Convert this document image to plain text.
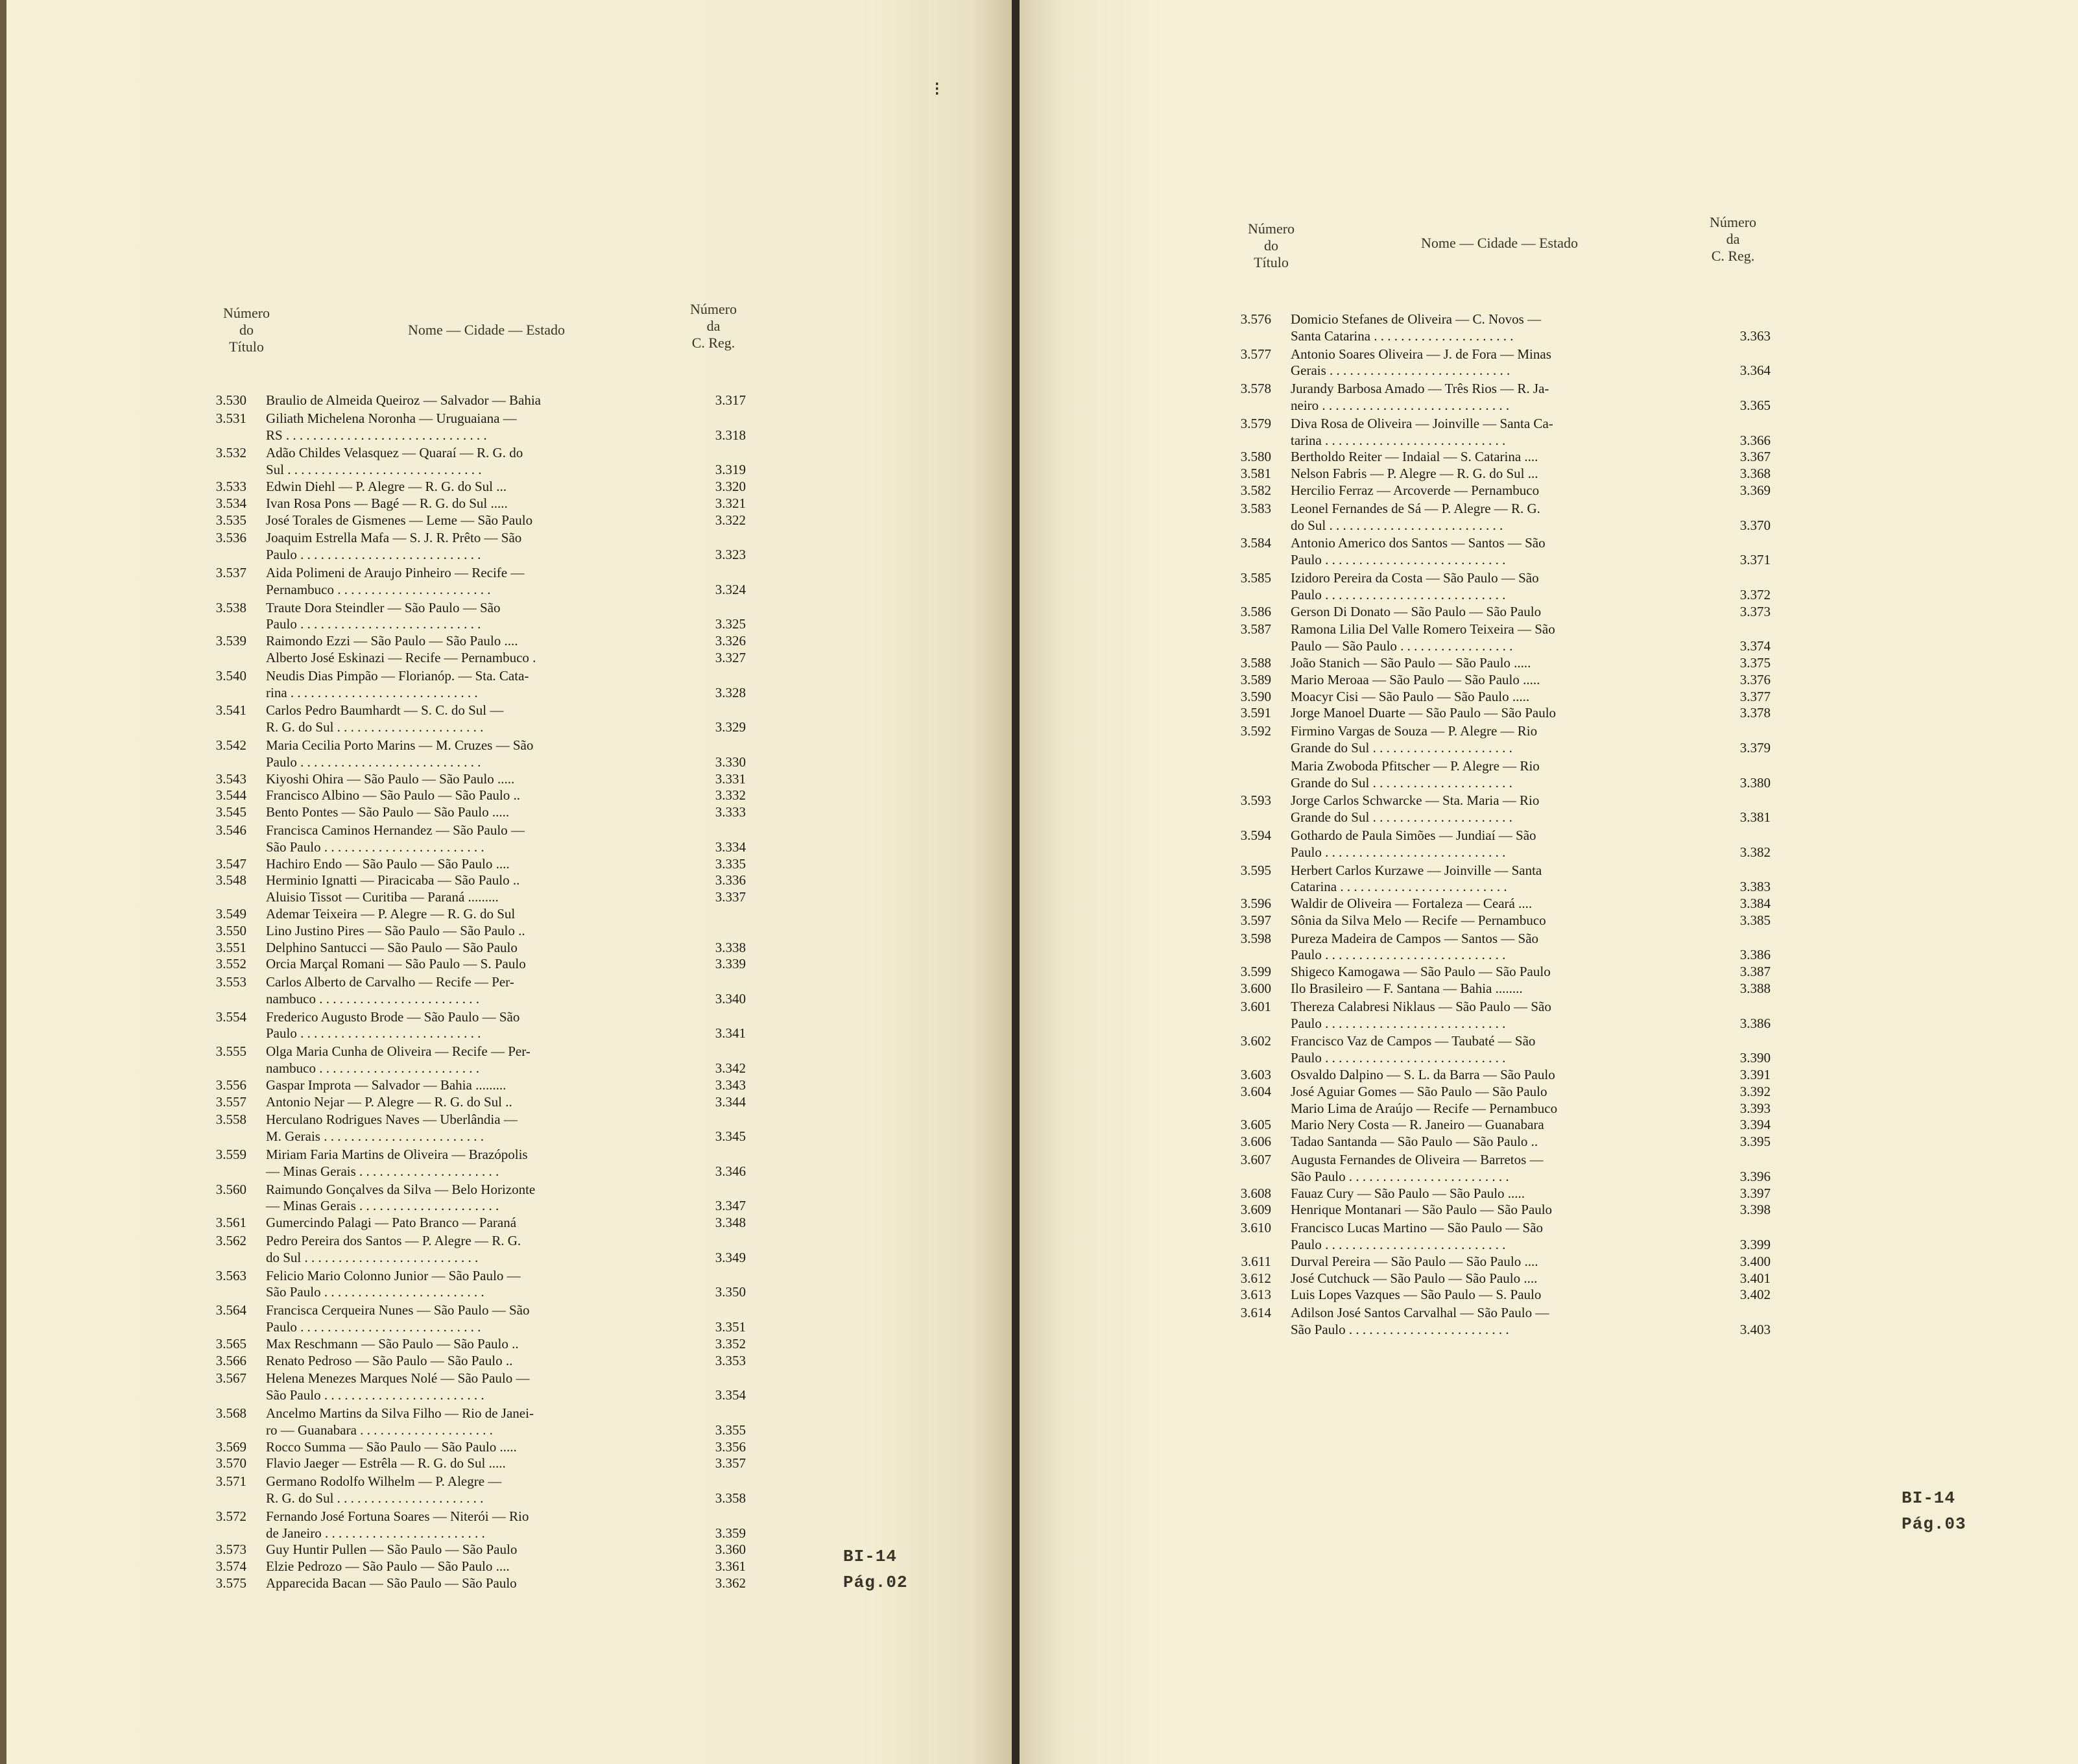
Número
do
Título
Nome — Cidade — Estado
Número
da
C. Reg.
3.530 Braulio de Almeida Queiroz — Salvador — Bahia	3.317
3.531 Giliath Michelena Noronha — Uruguaiana —
RS . . . . . . . . . . . . . . . . . . . . . . . . . . . . . .	3.318
3.532 Adão Childes Velasquez — Quaraí — R. G. do
Sul . . . . . . . . . . . . . . . . . . . . . . . . . . . . .	3.319
3.533 Edwin Diehl — P. Alegre — R. G. do Sul ...	3.320
3.534 Ivan Rosa Pons — Bagé — R. G. do Sul .....	3.321
3.535 José Torales de Gismenes — Leme — São Paulo	3.322
3.536 Joaquim Estrella Mafa — S. J. R. Prêto — São
Paulo . . . . . . . . . . . . . . . . . . . . . . . . . . .	3.323
3.537 Aida Polimeni de Araujo Pinheiro — Recife —
Pernambuco . . . . . . . . . . . . . . . . . . . . . . .	3.324
3.538 Traute Dora Steindler — São Paulo — São
Paulo . . . . . . . . . . . . . . . . . . . . . . . . . . .	3.325
3.539 Raimondo Ezzi — São Paulo — São Paulo ....	3.326
Alberto José Eskinazi — Recife — Pernambuco .	3.327
3.540 Neudis Dias Pimpão — Florianóp. — Sta. Cata-
rina . . . . . . . . . . . . . . . . . . . . . . . . . . . .	3.328
3.541 Carlos Pedro Baumhardt — S. C. do Sul —
R. G. do Sul . . . . . . . . . . . . . . . . . . . . . .	3.329
3.542 Maria Cecilia Porto Marins — M. Cruzes — São
Paulo . . . . . . . . . . . . . . . . . . . . . . . . . . .	3.330
3.543 Kiyoshi Ohira — São Paulo — São Paulo .....	3.331
3.544 Francisco Albino — São Paulo — São Paulo ..	3.332
3.545 Bento Pontes — São Paulo — São Paulo .....	3.333
3.546 Francisca Caminos Hernandez — São Paulo —
São Paulo . . . . . . . . . . . . . . . . . . . . . . . .	3.334
3.547 Hachiro Endo — São Paulo — São Paulo ....	3.335
3.548 Herminio Ignatti — Piracicaba — São Paulo ..	3.336
Aluisio Tissot — Curitiba — Paraná .........	3.337
3.549 Ademar Teixeira — P. Alegre — R. G. do Sul
3.550 Lino Justino Pires — São Paulo — São Paulo ..
3.551 Delphino Santucci — São Paulo — São Paulo	3.338
3.552 Orcia Marçal Romani — São Paulo — S. Paulo	3.339
3.553 Carlos Alberto de Carvalho — Recife — Per-
nambuco . . . . . . . . . . . . . . . . . . . . . . . .	3.340
3.554 Frederico Augusto Brode — São Paulo — São
Paulo . . . . . . . . . . . . . . . . . . . . . . . . . . .	3.341
3.555 Olga Maria Cunha de Oliveira — Recife — Per-
nambuco . . . . . . . . . . . . . . . . . . . . . . . .	3.342
3.556 Gaspar Improta — Salvador — Bahia .........	3.343
3.557 Antonio Nejar — P. Alegre — R. G. do Sul ..	3.344
3.558 Herculano Rodrigues Naves — Uberlândia —
M. Gerais . . . . . . . . . . . . . . . . . . . . . . . .	3.345
3.559 Miriam Faria Martins de Oliveira — Brazópolis
— Minas Gerais . . . . . . . . . . . . . . . . . . . . .	3.346
3.560 Raimundo Gonçalves da Silva — Belo Horizonte
— Minas Gerais . . . . . . . . . . . . . . . . . . . . .	3.347
3.561 Gumercindo Palagi — Pato Branco — Paraná	3.348
3.562 Pedro Pereira dos Santos — P. Alegre — R. G.
do Sul . . . . . . . . . . . . . . . . . . . . . . . . . .	3.349
3.563 Felicio Mario Colonno Junior — São Paulo —
São Paulo . . . . . . . . . . . . . . . . . . . . . . . .	3.350
3.564 Francisca Cerqueira Nunes — São Paulo — São
Paulo . . . . . . . . . . . . . . . . . . . . . . . . . . .	3.351
3.565 Max Reschmann — São Paulo — São Paulo ..	3.352
3.566 Renato Pedroso — São Paulo — São Paulo ..	3.353
3.567 Helena Menezes Marques Nolé — São Paulo —
São Paulo . . . . . . . . . . . . . . . . . . . . . . . .	3.354
3.568 Ancelmo Martins da Silva Filho — Rio de Janei-
ro — Guanabara . . . . . . . . . . . . . . . . . . . .	3.355
3.569 Rocco Summa — São Paulo — São Paulo .....	3.356
3.570 Flavio Jaeger — Estrêla — R. G. do Sul .....	3.357
3.571 Germano Rodolfo Wilhelm — P. Alegre —
R. G. do Sul . . . . . . . . . . . . . . . . . . . . . .	3.358
3.572 Fernando José Fortuna Soares — Niterói — Rio
de Janeiro . . . . . . . . . . . . . . . . . . . . . . . .	3.359
3.573 Guy Huntir Pullen — São Paulo — São Paulo	3.360
3.574 Elzie Pedrozo — São Paulo — São Paulo ....	3.361
3.575 Apparecida Bacan — São Paulo — São Paulo	3.362
⁝
BI-14
Pág.02
Número
do
Título
Nome — Cidade — Estado
Número
da
C. Reg.
3.576 Domicio Stefanes de Oliveira — C. Novos —
Santa Catarina . . . . . . . . . . . . . . . . . . . . .	3.363
3.577 Antonio Soares Oliveira — J. de Fora — Minas
Gerais . . . . . . . . . . . . . . . . . . . . . . . . . . .	3.364
3.578 Jurandy Barbosa Amado — Três Rios — R. Ja-
neiro . . . . . . . . . . . . . . . . . . . . . . . . . . . .	3.365
3.579 Diva Rosa de Oliveira — Joinville — Santa Ca-
tarina . . . . . . . . . . . . . . . . . . . . . . . . . . .	3.366
3.580 Bertholdo Reiter — Indaial — S. Catarina ....	3.367
3.581 Nelson Fabris — P. Alegre — R. G. do Sul ...	3.368
3.582 Hercilio Ferraz — Arcoverde — Pernambuco	3.369
3.583 Leonel Fernandes de Sá — P. Alegre — R. G.
do Sul . . . . . . . . . . . . . . . . . . . . . . . . . .	3.370
3.584 Antonio Americo dos Santos — Santos — São
Paulo . . . . . . . . . . . . . . . . . . . . . . . . . . .	3.371
3.585 Izidoro Pereira da Costa — São Paulo — São
Paulo . . . . . . . . . . . . . . . . . . . . . . . . . . .	3.372
3.586 Gerson Di Donato — São Paulo — São Paulo	3.373
3.587 Ramona Lilia Del Valle Romero Teixeira — São
Paulo — São Paulo . . . . . . . . . . . . . . . . .	3.374
3.588 João Stanich — São Paulo — São Paulo .....	3.375
3.589 Mario Meroaa — São Paulo — São Paulo .....	3.376
3.590 Moacyr Cisi — São Paulo — São Paulo .....	3.377
3.591 Jorge Manoel Duarte — São Paulo — São Paulo	3.378
3.592 Firmino Vargas de Souza — P. Alegre — Rio
Grande do Sul . . . . . . . . . . . . . . . . . . . . .	3.379
Maria Zwoboda Pfitscher — P. Alegre — Rio
Grande do Sul . . . . . . . . . . . . . . . . . . . . .	3.380
3.593 Jorge Carlos Schwarcke — Sta. Maria — Rio
Grande do Sul . . . . . . . . . . . . . . . . . . . . .	3.381
3.594 Gothardo de Paula Simões — Jundiaí — São
Paulo . . . . . . . . . . . . . . . . . . . . . . . . . . .	3.382
3.595 Herbert Carlos Kurzawe — Joinville — Santa
Catarina . . . . . . . . . . . . . . . . . . . . . . . . .	3.383
3.596 Waldir de Oliveira — Fortaleza — Ceará ....	3.384
3.597 Sônia da Silva Melo — Recife — Pernambuco	3.385
3.598 Pureza Madeira de Campos — Santos — São
Paulo . . . . . . . . . . . . . . . . . . . . . . . . . . .	3.386
3.599 Shigeco Kamogawa — São Paulo — São Paulo	3.387
3.600 Ilo Brasileiro — F. Santana — Bahia ........	3.388
3.601 Thereza Calabresi Niklaus — São Paulo — São
Paulo . . . . . . . . . . . . . . . . . . . . . . . . . . .	3.386
3.602 Francisco Vaz de Campos — Taubaté — São
Paulo . . . . . . . . . . . . . . . . . . . . . . . . . . .	3.390
3.603 Osvaldo Dalpino — S. L. da Barra — São Paulo	3.391
3.604 José Aguiar Gomes — São Paulo — São Paulo	3.392
Mario Lima de Araújo — Recife — Pernambuco	3.393
3.605 Mario Nery Costa — R. Janeiro — Guanabara	3.394
3.606 Tadao Santanda — São Paulo — São Paulo ..	3.395
3.607 Augusta Fernandes de Oliveira — Barretos —
São Paulo . . . . . . . . . . . . . . . . . . . . . . . .	3.396
3.608 Fauaz Cury — São Paulo — São Paulo .....	3.397
3.609 Henrique Montanari — São Paulo — São Paulo	3.398
3.610 Francisco Lucas Martino — São Paulo — São
Paulo . . . . . . . . . . . . . . . . . . . . . . . . . . .	3.399
3.611 Durval Pereira — São Paulo — São Paulo ....	3.400
3.612 José Cutchuck — São Paulo — São Paulo ....	3.401
3.613 Luis Lopes Vazques — São Paulo — S. Paulo	3.402
3.614 Adilson José Santos Carvalhal — São Paulo —
São Paulo . . . . . . . . . . . . . . . . . . . . . . . .	3.403
BI-14
Pág.03
